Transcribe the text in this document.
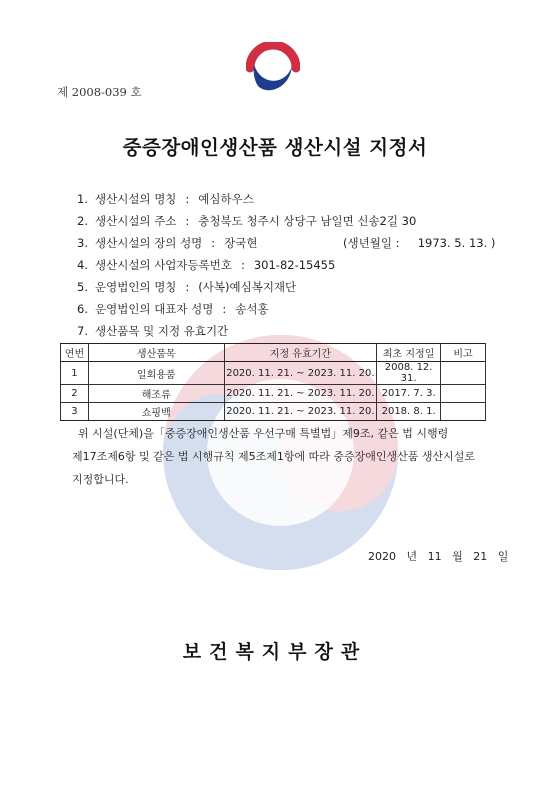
제 2008-039 호
중증장애인생산품 생산시설 지정서
1. 생산시설의 명칭 : 예심하우스
2. 생산시설의 주소 : 충청북도 청주시 상당구 남일면 신송2길 30
3. 생산시설의 장의 성명 : 장국현	(생년월일 : 1973. 5. 13. )
4. 생산시설의 사업자등록번호 : 301-82-15455
5. 운영법인의 명칭 : (사복)예심복지재단
6. 운영법인의 대표자 성명 : 송석홍
7. 생산품목 및 지정 유효기간
연번	생산품목	지정 유효기간	최초 지정일	비고
1	일회용품	2020. 11. 21. ~ 2023. 11. 20.	2008. 12. 31.	
2	해조류	2020. 11. 21. ~ 2023. 11. 20.	2017. 7. 3.	
3	쇼핑백	2020. 11. 21. ~ 2023. 11. 20.	2018. 8. 1.	
위 시설(단체)을「중증장애인생산품 우선구매 특별법」제9조, 같은 법 시행령
제17조제6항 및 같은 법 시행규칙 제5조제1항에 따라 중증장애인생산품 생산시설로
지정합니다.
2020 년 11 월 21 일
보건복지부장관
